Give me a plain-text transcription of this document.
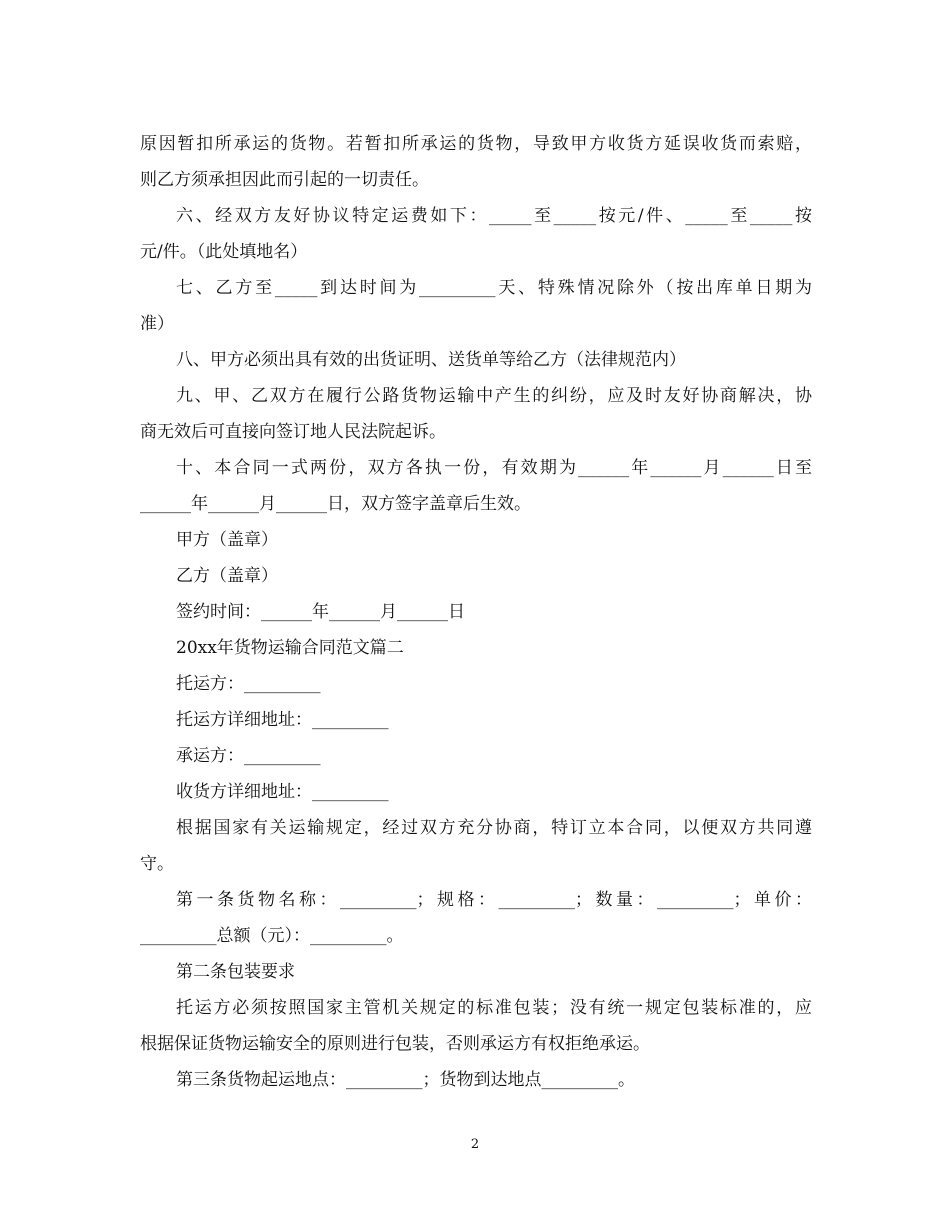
原因暂扣所承运的货物。若暂扣所承运的货物，导致甲方收货方延误收货而索赔，
则乙方须承担因此而引起的一切责任。
六、经双方友好协议特定运费如下：_____至_____按元/件、_____至_____按
元/件。（此处填地名）
七、乙方至_____到达时间为_________天、特殊情况除外（按出库单日期为
准）
八、甲方必须出具有效的出货证明、送货单等给乙方（法律规范内）
九、甲、乙双方在履行公路货物运输中产生的纠纷，应及时友好协商解决，协
商无效后可直接向签订地人民法院起诉。
十、本合同一式两份，双方各执一份，有效期为______年______月______日至
______年______月______日，双方签字盖章后生效。
甲方（盖章）
乙方（盖章）
签约时间：______年______月______日
20xx年货物运输合同范文篇二
托运方：_________
托运方详细地址：_________
承运方：_________
收货方详细地址：_________
根据国家有关运输规定，经过双方充分协商，特订立本合同，以便双方共同遵
守。
第一条货物名称：_________；规格：_________；数量：_________；单价：
_________总额（元）：_________。
第二条包装要求
托运方必须按照国家主管机关规定的标准包装；没有统一规定包装标准的，应
根据保证货物运输安全的原则进行包装，否则承运方有权拒绝承运。
第三条货物起运地点：_________；货物到达地点_________。
2
